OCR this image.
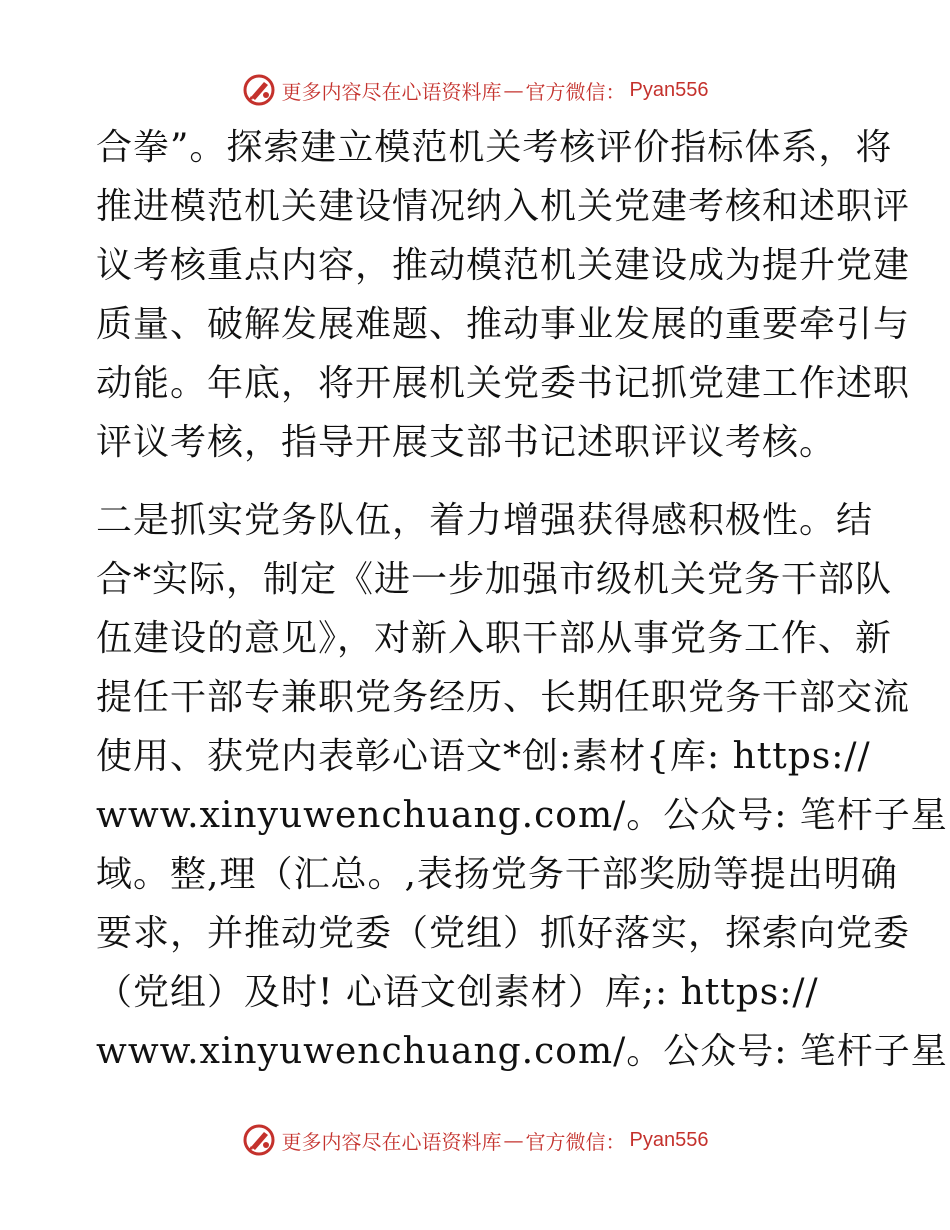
更多内容尽在心语资料库 — 官方微信： Pyan556
合拳”。探索建立模范机关考核评价指标体系，将
推进模范机关建设情况纳入机关党建考核和述职评
议考核重点内容，推动模范机关建设成为提升党建
质量、破解发展难题、推动事业发展的重要牵引与
动能。年底，将开展机关党委书记抓党建工作述职
评议考核，指导开展支部书记述职评议考核。
二是抓实党务队伍，着力增强获得感积极性。结
合*实际，制定《进一步加强市级机关党务干部队
伍建设的意见》，对新入职干部从事党务工作、新
提任干部专兼职党务经历、长期任职党务干部交流
使用、获党内表彰心语文*创:素材{库: https://
www.xinyuwenchuang.com/。公众号: 笔杆子星
域。整,理（汇总。,表扬党务干部奖励等提出明确
要求，并推动党委（党组）抓好落实，探索向党委
（党组）及时! 心语文创素材）库;: https://
www.xinyuwenchuang.com/。公众号: 笔杆子星
更多内容尽在心语资料库 — 官方微信： Pyan556
